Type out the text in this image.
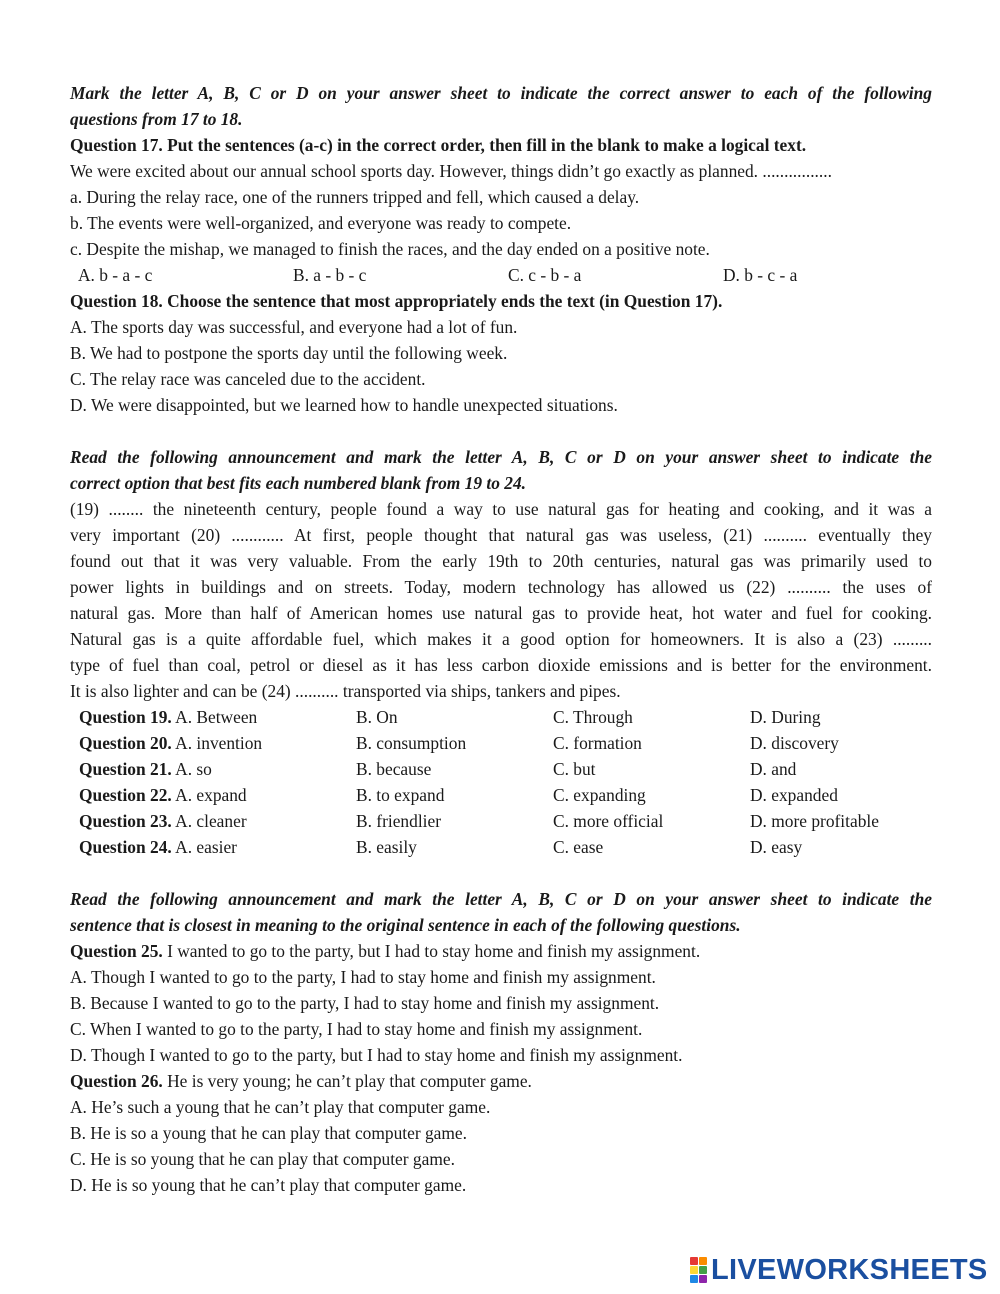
Mark the letter A, B, C or D on your answer sheet to indicate the correct answer to each of the following
questions from 17 to 18.
Question 17. Put the sentences (a-c) in the correct order, then fill in the blank to make a logical text.
We were excited about our annual school sports day. However, things didn’t go exactly as planned. ................
a. During the relay race, one of the runners tripped and fell, which caused a delay.
b. The events were well-organized, and everyone was ready to compete.
c. Despite the mishap, we managed to finish the races, and the day ended on a positive note.
A. b - a - c	B. a - b - c	C. c - b - a	D. b - c - a
Question 18. Choose the sentence that most appropriately ends the text (in Question 17).
A. The sports day was successful, and everyone had a lot of fun.
B. We had to postpone the sports day until the following week.
C. The relay race was canceled due to the accident.
D. We were disappointed, but we learned how to handle unexpected situations.
Read the following announcement and mark the letter A, B, C or D on your answer sheet to indicate the
correct option that best fits each numbered blank from 19 to 24.
(19) ........ the nineteenth century, people found a way to use natural gas for heating and cooking, and it was a
very important (20) ............ At first, people thought that natural gas was useless, (21) .......... eventually they
found out that it was very valuable. From the early 19th to 20th centuries, natural gas was primarily used to
power lights in buildings and on streets. Today, modern technology has allowed us (22) .......... the uses of
natural gas. More than half of American homes use natural gas to provide heat, hot water and fuel for cooking.
Natural gas is a quite affordable fuel, which makes it a good option for homeowners. It is also a (23) .........
type of fuel than coal, petrol or diesel as it has less carbon dioxide emissions and is better for the environment.
It is also lighter and can be (24) .......... transported via ships, tankers and pipes.
Question 19. A. Between	B. On	C. Through	D. During
Question 20. A. invention	B. consumption	C. formation	D. discovery
Question 21. A. so	B. because	C. but	D. and
Question 22. A. expand	B. to expand	C. expanding	D. expanded
Question 23. A. cleaner	B. friendlier	C. more official	D. more profitable
Question 24. A. easier	B. easily	C. ease	D. easy
Read the following announcement and mark the letter A, B, C or D on your answer sheet to indicate the
sentence that is closest in meaning to the original sentence in each of the following questions.
Question 25. I wanted to go to the party, but I had to stay home and finish my assignment.
A. Though I wanted to go to the party, I had to stay home and finish my assignment.
B. Because I wanted to go to the party, I had to stay home and finish my assignment.
C. When I wanted to go to the party, I had to stay home and finish my assignment.
D. Though I wanted to go to the party, but I had to stay home and finish my assignment.
Question 26. He is very young; he can’t play that computer game.
A. He’s such a young that he can’t play that computer game.
B. He is so a young that he can play that computer game.
C. He is so young that he can play that computer game.
D. He is so young that he can’t play that computer game.
LIVEWORKSHEETS
